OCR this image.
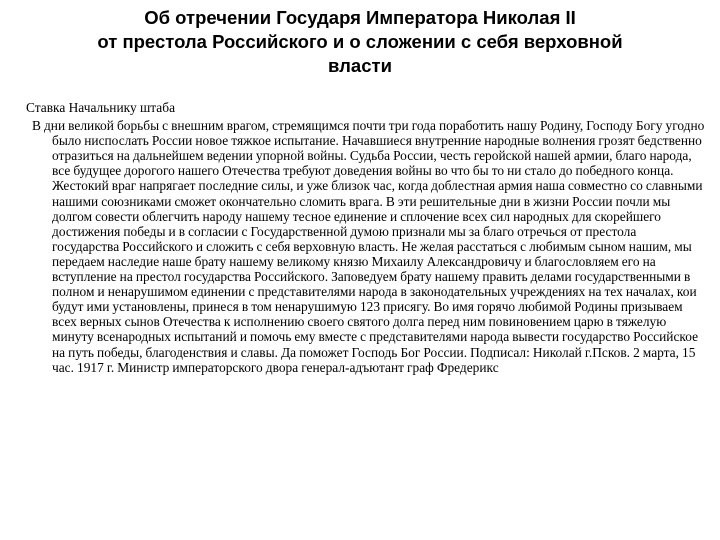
Об отречении Государя Императора Николая II
от престола Российского и о сложении с себя верховной
власти

Ставка Начальнику штаба

В дни великой борьбы с внешним врагом, стремящимся почти три года поработить нашу Родину, Господу Богу угодно было ниспослать России новое тяжкое испытание. Начавшиеся внутренние народные волнения грозят бедственно отразиться на дальнейшем ведении упорной войны. Судьба России, честь геройской нашей армии, благо народа, все будущее дорогого нашего Отечества требуют доведения войны во что бы то ни стало до победного конца. Жестокий враг напрягает последние силы, и уже близок час, когда доблестная армия наша совместно со славными нашими союзниками сможет окончательно сломить врага. В эти решительные дни в жизни России почли мы долгом совести облегчить народу нашему тесное единение и сплочение всех сил народных для скорейшего достижения победы и в согласии с Государственной думою признали мы за благо отречься от престола государства Российского и сложить с себя верховную власть. Не желая расстаться с любимым сыном нашим, мы передаем наследие наше брату нашему великому князю Михаилу Александровичу и благословляем его на вступление на престол государства Российского. Заповедуем брату нашему править делами государственными в полном и ненарушимом единении с представителями народа в законодательных учреждениях на тех началах, кои будут ими установлены, принеся в том ненарушимую 123 присягу. Во имя горячо любимой Родины призываем всех верных сынов Отечества к исполнению своего святого долга перед ним повиновением царю в тяжелую минуту всенародных испытаний и помочь ему вместе с представителями народа вывести государство Российское на путь победы, благоденствия и славы. Да поможет Господь Бог России. Подписал: Николай г.Псков. 2 марта, 15 час. 1917 г. Министр императорского двора генерал-адъютант граф Фредерикс
